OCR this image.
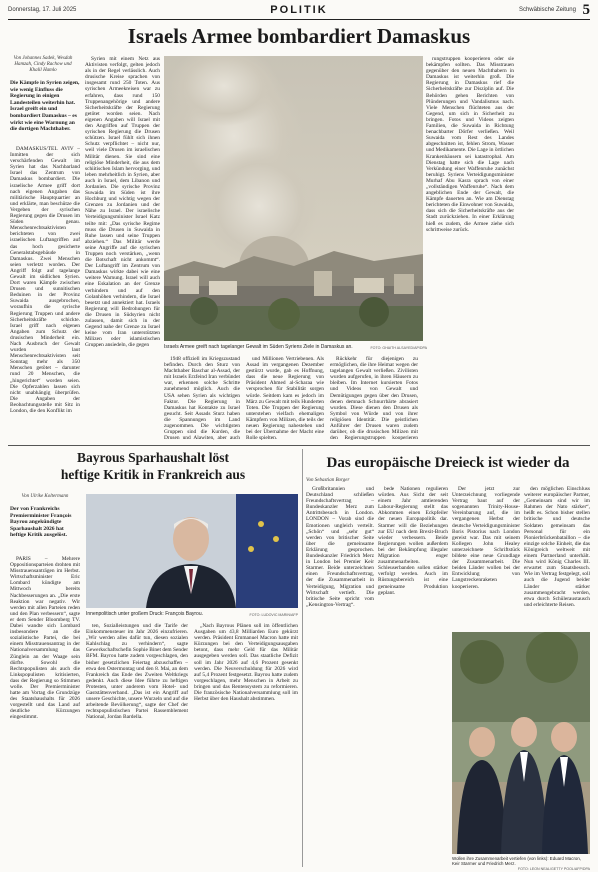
Donnerstag, 17. Juli 2025	POLITIK	Schwäbische Zeitung 5
Israels Armee bombardiert Damaskus
Von Johannes Sadek, Wesdah Hamzah, Cindy Rachow und Khalil Hamlo
Die Kämpfe in Syrien zeigen, wie wenig Einfluss die Regierung in einigen Landesteilen weiterhin hat. Israel greift ein und bombardiert Damaskus – es wirkt wie eine Warnung an die dortigen Machthaber.

DAMASKUS/TEL AVIV – Inmitten der sich verschärfenden Gewalt im Syrien hat das Nachbarland Israel das Zentrum von Damaskus bombardiert. Die israelische Armee griff dort nach eigenen Angaben das militärische Hauptquartier an und erklärte, man beschütze die Vergeben der syrischen Regierung gegen die Drusen im Süden genau. Menschenrechtsaktivisten berichteten von zwei israelischen Luftangriffen auf das hoch gesicherte Generalstabsgebäude in Damaskus. Zwei Menschen seien verletzt worden. Der Angriff folgt auf tagelange Gewalt im südlichen Syrien. Dort waren Kämpfe zwischen Drusen und sunnitischen Beduinen in der Provinz Suwaida ausgebrochen, woraufhin die syrische Regierung Truppen und andere Sicherheitskräfte schickte. Israel griff nach eigenen Angaben zum Schutz der drusischen Minderheit ein. Nach Ausbruch der Gewalt wurden laut Menschenrechtsaktivisten seit Sonntag mehr als 350 Menschen getötet – darunter rund 20 Menschen, die „hingerichtet“ worden seien. Die Opferzahlen lassen sich nicht unabhängig überprüfen. Die Angaben der Beobachtungsstelle mit Sitz in London, die den Konflikt im

Syrien mit einem Netz aus Aktivisten verfolgt, gelten jedoch als in der Regel verlässlich. Auch drusische Kreise sprachen von insgesamt rund 250 Toten. Aus syrischen Armeekreisen war zu erfahren, dass rund 150 Truppenangehörige und andere Sicherheitskräfte der Regierung getötet worden seien. Nach eigenen Angaben will Israel mit den Angriffen auf Truppen der syrischen Regierung die Drusen schützen. Israel fühlt sich ihnen Schutz verpflichtet – nicht nur, weil viele Drusen im israelischen Militär dienen. Sie sind eine religiöse Minderheit, die aus dem schiitischen Islam hervorging, und leben mehrheitlich in Syrien, aber auch in Israel, dem Libanon und Jordanien. Die syrische Provinz Suwaida im Süden ist ihre Hochburg und wichtig wegen der Grenzen zu Jordanien und der Nähe zu Israel. Der israelische Verteidigungsminister Israel Katz teilte mit: „Das syrische Regime muss die Drusen in Suwaida in Ruhe lassen und seine Truppen abziehen.“ Das Militär werde seine Angriffe auf die syrischen Truppen noch verstärken, „wenn die Botschaft nicht ankommt“. Der Luftangriff im Zentrum von Damaskus wirkte dabei wie eine weitere Warnung. Israel will auch eine Eskalation an der Grenze verhindern und auf den Golanhöhen verhindern, die Israel besetzt und annektiert hat. Israels Regierung will Bedrohungen für die Drusen in Südsyrien nicht zulassen, damit sich in der Gegend nahe der Grenze zu Israel keine vom Iran unterstützten Milizen oder islamistischen Gruppen ansiedeln, die gegen	Israels Armee greift nach tagelanger Gewalt im Süden Syriens Ziele in Damaskus an.	FOTO: GHAITH ALSAYED/AP/DPA

1948 offiziell im Kriegszustand befinden. Durch den Sturz von Machthaber Baschar al-Assad, der mit Israels Erzfeind Iran verbündet war, erkennen solche Schritte zunehmend möglich. Auch die USA sehen Syrien als wichtigen Faktor. Die Regierung in Damaskus hat Kontakte zu Israel gesucht. Seit Assads Sturz haben die Spannungen im Land zugenommen. Die wichtigsten Gruppen sind die Kurden, die Drusen und Alawiten, aber auch

und Millionen Vertriebenen. Als Assad im vergangenen Dezember gestürzt wurde, gab es Hoffnung, dass die neue Regierung von Präsident Ahmed al-Scharaa wie versprochen für Stabilität sorgen würde. Seitdem kam es jedoch im März zu Gewalt mit teils Hunderten Toten. Die Truppen der Regierung unterstehen vielfach ehemaligen Kämpfern von Milizen, die teils der neuen Regierung nahestehen und bei der Übernahme der Macht eine Rolle spielten.

Rückkehr für diejenigen zu ermöglichen, die ihre Heimat wegen der tagelangen Gewalt verließen. Zivilisten wurden aufgerufen, in ihren Häusern zu bleiben. Im Internet kursierten Fotos und Videos von Gewalt und Demütigungen gegen über den Drusen, denen demnach Schnurrbärte abrasiert wurden. Diese dienen den Drusen als Symbol von Würde und von ihrer religiösen Identität. Die geistlichen Anführer der Drusen waren zudem darüber, ob die drusischen Milizen mit den Regierungstruppen kooperieren

rungstruppen kooperieren oder sie bekämpfen sollten. Das Misstrauen gegenüber den neuen Machthabern in Damaskus ist weiterhin groß. Die Regierung in Damaskus rief die Sicherheitskräfte zur Disziplin auf. Die Behörden gehen Berichten von Plünderungen und Vandalismus nach. Viele Menschen flüchteten aus der Gegend, um sich in Sicherheit zu bringen. Fotos und Videos zeigten Familien, die Suwaida in Richtung benachbarter Dörfer verließen. Weil Suwaida vom Rest des Landes abgeschnitten ist, fehlen Strom, Wasser und Medikamente. Die Lage in örtlichen Krankenhäusern sei katastrophal. Am Dienstag hatte sich die Lage nach Verkündung einer Waffenruhe zunächst beruhigt. Syriens Verteidigungsminister Murhaf Abu Kasra sprach von einer „vollständigen Waffenruhe“. Nach dem angeblichen Ende der Gewalt, die Kämpfe dauerten an. Wie am Dienstag berichteten die Einwohner von Suwaida, dass sich die Sicherheitskräfte aus der Stadt zurückziehen. In einer Erklärung hieß es zudem, die Armee ziehe sich schrittweise zurück.

Bayrous Sparhaushalt löst
heftige Kritik in Frankreich aus
Von Ulrike Koltermann
Der von Frankreichs Premierminister François Bayrou angekündigte Sparhaushalt 2026 hat heftige Kritik ausgelöst.

PARIS – Mehrere Oppositionsparteien drohten mit Misstrauensanträgen im Herbst. Wirtschaftsminister Eric Lombard kündigte am Mittwoch bereits Nachbesserungen an. „Die erste Reaktion war negativ. Wir werden mit allen Parteien reden und den Plan verbessern“, sagte er dem Sender Bloomberg TV. Dabei wandte sich Lombard insbesondere an die sozialistische Partei, die bei einem Misstrauensantrag in der Nationalversammlung das Zünglein an der Waage sein dürfte. Sowohl die Rechtspopulisten als auch die Linkspopulisten kritisierten, dass der Regierung so Stimmen wolle. Der Premierminister hatte am Vortag die Grundzüge des Staatshaushalts für 2026 vorgestellt und das Land auf deutliche Kürzungen eingestimmt.

Innenpolitisch unter großem Druck: François Bayrou.	FOTO: LUDOVIC MARIN/AFP

ten, Sozialleistungen und die Tarife der Einkommensteuer im Jahr 2026 einzufrieren. „Wir werden alles dafür tun, diesen sozialen Kahlschlag zu verhindern“, sagte Gewerkschaftschefin Sophie Binet dem Sender BFM. Bayrou hatte zudem vorgeschlagen, den bisher gesetzlichen Feiertag abzuschaffen – etwa den Ostermontag und den 8. Mai, an dem Frankreich das Ende des Zweiten Weltkriegs gedenkt. Auch diese Idee führte zu heftigen Protesten, unter anderem vom Hotel- und Gaststättenverband. „Das ist ein Angriff auf unsere Geschichte, unsere Wurzeln und auf die arbeitende Bevölkerung“, sagte der Chef der rechtspopulistischen Partei Rassemblement National, Jordan Bardella.

„Nach Bayrous Plänen soll im öffentlichen Ausgaben um 43,8 Milliarden Euro gekürzt werden. Präsident Emmanuel Macron hatte mit Kürzungen bei den Verteidigungsausgaben betont, dass mehr Geld für das Militär ausgegeben werden soll. Das staatliche Defizit soll im Jahr 2026 auf 4,6 Prozent gesenkt werden. Die Neuverschuldung für 2026 wird auf 5,4 Prozent festgesetzt. Bayrou hatte zudem vorgeschlagen, mehr Menschen in Arbeit zu bringen und das Rentensystem zu reformieren. Die französische Nationalversammlung soll im Herbst über den Haushalt abstimmen.

Das europäische Dreieck ist wieder da
Von Sebastian Borger

Großbritannien und Deutschland schließen Freundschaftsvertrag – Bundeskanzler Merz zum Antrittsbesuch in London. LONDON – Vorab sind die Emotionen ungleich verteilt. „Schön“ und „sehr gut“ werden von britischer Seite über die gemeinsame Erklärung gesprochen. Bundeskanzler Friedrich Merz in London bei Premier Keir Starmer. Beide unterzeichnen einen Freundschaftsvertrag, der die Zusammenarbeit in Verteidigung, Migration und Wirtschaft vertieft. Die britische Seite spricht vom „Kensington-Vertrag“.

bede Nationen regulieren würden. Aus Sicht der seit einem Jahr amtierenden Labour-Regierung stellt das Abkommen einen Eckpfeiler der neuen Europapolitik dar. Starmer will die Beziehungen zur EU nach dem Brexit-Bruch wieder verbessern. Beide Regierungen wollen außerdem bei der Bekämpfung illegaler Migration enger zusammenarbeiten. Schleuserbanden sollen stärker verfolgt werden. Auch im Rüstungsbereich ist eine gemeinsame Produktion geplant.

Der jetzt zur Unterzeichnung vorliegende Vertrag baut auf der sogenannten Trinity-House-Vereinbarung auf, die im vergangenen Herbst der deutsche Verteidigungsminister Boris Pistorius nach London gereist war. Das mit seinem Kollegen John Healey unterzeichnete Schriftstück bildete eine neue Grundlage der Zusammenarbeit. Die beiden Länder wollen bei der Entwicklung von Langstreckenraketen kooperieren.

den möglichen Einschluss weiterer europäischer Partner, „Gemeinsam sind wir im Rahmen der Nato stärker“, heißt es. Schon bisher stellen britische und deutsche Soldaten gemeinsam das Personal für ein Pionierbrückenbataillon – die einzige solche Einheit, die das Königreich weltweit mit einem Partnerland unterhält. Nun wird König Charles III. erwartet zum Staatsbesuch. Wie im Vertrag festgelegt, soll auch die Jugend beider Länder stärker zusammengebracht werden, etwa durch Schüleraustausch und erleichterte Reisen.

Wollen ihre Zusammenarbeit vertiefen (von links): Eduard Macron, Keir Starmer und Friedrich Merz.
FOTO: LEON NEAL/GETTY POOL/AFP/DPA
